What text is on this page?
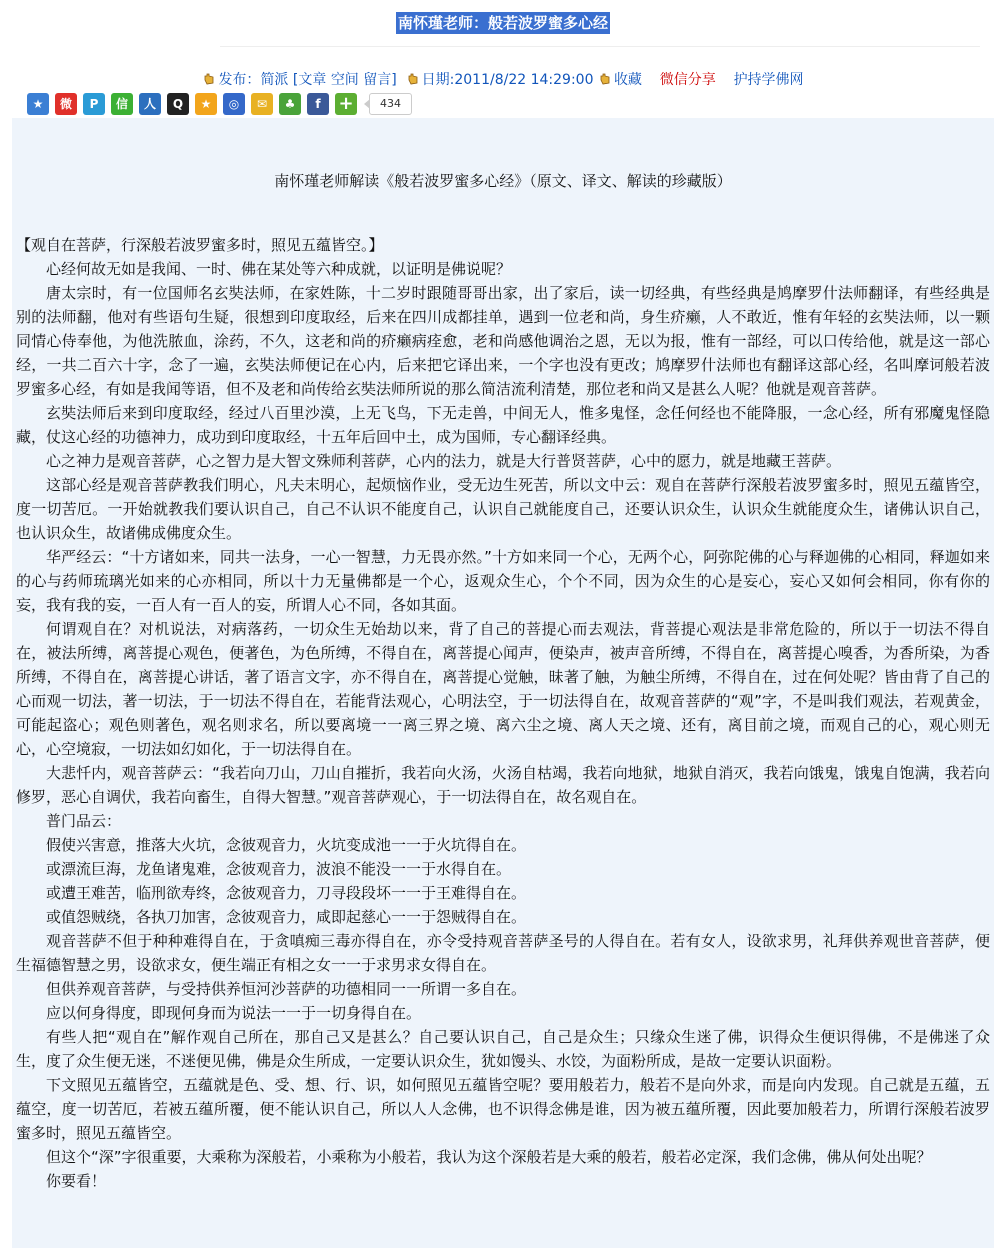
南怀瑾老师：般若波罗蜜多心经
发布：简派 [文章 空间 留言] 日期:2011/8/22 14:29:00 收藏 微信分享 护持学佛网
★	微	P	信	人	Q	★	◎	✉	♣	f +	434
南怀瑾老师解读《般若波罗蜜多心经》（原文、译文、解读的珍藏版）

【观自在菩萨，行深般若波罗蜜多时，照见五蕴皆空。】

心经何故无如是我闻、一时、佛在某处等六种成就，以证明是佛说呢？

唐太宗时，有一位国师名玄奘法师，在家姓陈，十二岁时跟随哥哥出家，出了家后，读一切经典，有些经典是鸠摩罗什法师翻译，有些经典是别的法师翻，他对有些语句生疑，很想到印度取经，后来在四川成都挂单，遇到一位老和尚，身生疥癞，人不敢近，惟有年轻的玄奘法师，以一颗同情心侍奉他，为他洗脓血，涂药，不久，这老和尚的疥癞病痊愈，老和尚感他调治之恩，无以为报，惟有一部经，可以口传给他，就是这一部心经，一共二百六十字，念了一遍，玄奘法师便记在心内，后来把它译出来，一个字也没有更改；鸠摩罗什法师也有翻译这部心经，名叫摩诃般若波罗蜜多心经，有如是我闻等语，但不及老和尚传给玄奘法师所说的那么简洁流利清楚，那位老和尚又是甚么人呢？他就是观音菩萨。

玄奘法师后来到印度取经，经过八百里沙漠，上无飞鸟，下无走兽，中间无人，惟多鬼怪，念任何经也不能降服，一念心经，所有邪魔鬼怪隐藏，仗这心经的功德神力，成功到印度取经，十五年后回中土，成为国师，专心翻译经典。

心之神力是观音菩萨，心之智力是大智文殊师利菩萨，心内的法力，就是大行普贤菩萨，心中的愿力，就是地藏王菩萨。

这部心经是观音菩萨教我们明心，凡夫末明心，起烦恼作业，受无边生死苦，所以文中云：观自在菩萨行深般若波罗蜜多时，照见五蕴皆空，度一切苦厄。一开始就教我们要认识自己，自己不认识不能度自己，认识自己就能度自己，还要认识众生，认识众生就能度众生，诸佛认识自己，也认识众生，故诸佛成佛度众生。

华严经云：“十方诸如来，同共一法身，一心一智慧，力无畏亦然。”十方如来同一个心，无两个心，阿弥陀佛的心与释迦佛的心相同，释迦如来的心与药师琉璃光如来的心亦相同，所以十力无量佛都是一个心，返观众生心，个个不同，因为众生的心是妄心，妄心又如何会相同，你有你的妄，我有我的妄，一百人有一百人的妄，所谓人心不同，各如其面。

何谓观自在？对机说法，对病落药，一切众生无始劫以来，背了自己的菩提心而去观法，背菩提心观法是非常危险的，所以于一切法不得自在，被法所缚，离菩提心观色，便著色，为色所缚，不得自在，离菩提心闻声，便染声，被声音所缚，不得自在，离菩提心嗅香，为香所染，为香所缚，不得自在，离菩提心讲话，著了语言文字，亦不得自在，离菩提心觉触，昧著了触，为触尘所缚，不得自在，过在何处呢？皆由背了自己的心而观一切法，著一切法，于一切法不得自在，若能背法观心，心明法空，于一切法得自在，故观音菩萨的“观”字，不是叫我们观法，若观黄金，可能起盗心；观色则著色，观名则求名，所以要离境一一离三界之境、离六尘之境、离人天之境、还有，离目前之境，而观自己的心，观心则无心，心空境寂，一切法如幻如化，于一切法得自在。

大悲忏内，观音菩萨云：“我若向刀山，刀山自摧折，我若向火汤，火汤自枯竭，我若向地狱，地狱自消灭，我若向饿鬼，饿鬼自饱满，我若向修罗，恶心自调伏，我若向畜生，自得大智慧。”观音菩萨观心，于一切法得自在，故名观自在。

普门品云：

假使兴害意，推落大火坑，念彼观音力，火坑变成池一一于火坑得自在。

或漂流巨海，龙鱼诸鬼难，念彼观音力，波浪不能没一一于水得自在。

或遭王难苦，临刑欲寿终，念彼观音力，刀寻段段坏一一于王难得自在。

或值怨贼绕，各执刀加害，念彼观音力，咸即起慈心一一于怨贼得自在。

观音菩萨不但于种种难得自在，于贪嗔痴三毒亦得自在，亦令受持观音菩萨圣号的人得自在。若有女人，设欲求男，礼拜供养观世音菩萨，便生福德智慧之男，设欲求女，便生端正有相之女一一于求男求女得自在。

但供养观音菩萨，与受持供养恒河沙菩萨的功德相同一一所谓一多自在。

应以何身得度，即现何身而为说法一一于一切身得自在。

有些人把“观自在”解作观自己所在，那自己又是甚么？自己要认识自己，自己是众生；只缘众生迷了佛，识得众生便识得佛，不是佛迷了众生，度了众生便无迷，不迷便见佛，佛是众生所成，一定要认识众生，犹如馒头、水饺，为面粉所成，是故一定要认识面粉。

下文照见五蕴皆空，五蕴就是色、受、想、行、识，如何照见五蕴皆空呢？要用般若力，般若不是向外求，而是向内发现。自己就是五蕴，五蕴空，度一切苦厄，若被五蕴所覆，便不能认识自己，所以人人念佛，也不识得念佛是谁，因为被五蕴所覆，因此要加般若力，所谓行深般若波罗蜜多时，照见五蕴皆空。

但这个“深”字很重要，大乘称为深般若，小乘称为小般若，我认为这个深般若是大乘的般若，般若必定深，我们念佛，佛从何处出呢？

你要看！
